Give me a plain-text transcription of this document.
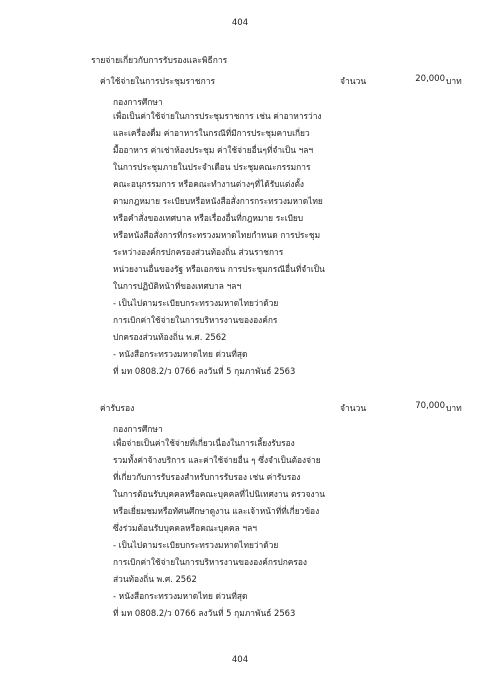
404
รายจ่ายเกี่ยวกับการรับรองและพิธีการ
ค่าใช้จ่ายในการประชุมราชการ	จำนวน	20,000 บาท
กองการศึกษา
เพื่อเป็นค่าใช้จ่ายในการประชุมราชการ เช่น ค่าอาหารว่าง
และเครื่องดื่ม ค่าอาหารในกรณีที่มีการประชุมคาบเกี่ยว
มื้ออาหาร ค่าเช่าห้องประชุม ค่าใช้จ่ายอื่นๆที่จำเป็น ฯลฯ
ในการประชุมภายในประจำเดือน ประชุมคณะกรรมการ
คณะอนุกรรมการ หรือคณะทำงานต่างๆที่ได้รับแต่งตั้ง
ตามกฎหมาย ระเบียบหรือหนังสือสั่งการกระทรวงมหาดไทย
หรือคำสั่งของเทศบาล หรือเรื่องอื่นที่กฎหมาย ระเบียบ
หรือหนังสือสั่งการที่กระทรวงมหาดไทยกำหนด การประชุม
ระหว่างองค์กรปกครองส่วนท้องถิ่น ส่วนราชการ
หน่วยงานอื่นของรัฐ หรือเอกชน การประชุมกรณีอื่นที่จำเป็น
ในการปฏิบัติหน้าที่ของเทศบาล ฯลฯ
- เป็นไปตามระเบียบกระทรวงมหาดไทยว่าด้วย
การเบิกค่าใช้จ่ายในการบริหารงานขององค์กร
ปกครองส่วนท้องถิ่น พ.ศ. 2562
- หนังสือกระทรวงมหาดไทย ด่วนที่สุด
ที่ มท 0808.2/ว 0766 ลงวันที่ 5 กุมภาพันธ์ 2563
ค่ารับรอง	จำนวน	70,000 บาท
กองการศึกษา
เพื่อจ่ายเป็นค่าใช้จ่ายที่เกี่ยวเนื่องในการเลี้ยงรับรอง
รวมทั้งค่าจ้างบริการ และค่าใช้จ่ายอื่น ๆ ซึ่งจำเป็นต้องจ่าย
ที่เกี่ยวกับการรับรองสำหรับการรับรอง เช่น ค่ารับรอง
ในการต้อนรับบุคคลหรือคณะบุคคลที่ไปนิเทศงาน ตรวจงาน
หรือเยี่ยมชมหรือทัศนศึกษาดูงาน และเจ้าหน้าที่ที่เกี่ยวข้อง
ซึ่งร่วมต้อนรับบุคคลหรือคณะบุคคล ฯลฯ
- เป็นไปตามระเบียบกระทรวงมหาดไทยว่าด้วย
การเบิกค่าใช้จ่ายในการบริหารงานขององค์กรปกครอง
ส่วนท้องถิ่น พ.ศ. 2562
- หนังสือกระทรวงมหาดไทย ด่วนที่สุด
ที่ มท 0808.2/ว 0766 ลงวันที่ 5 กุมภาพันธ์ 2563
404
